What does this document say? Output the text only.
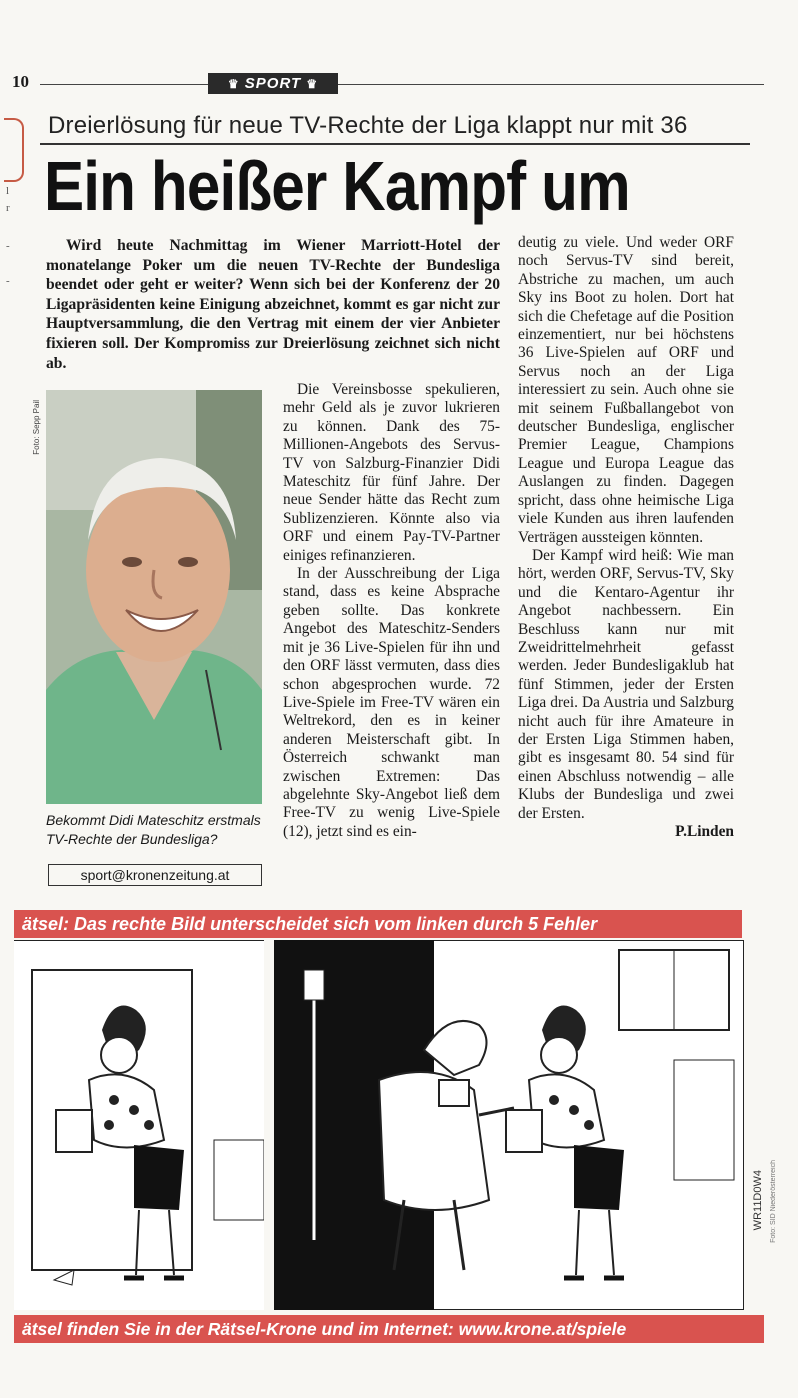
10	♛ SPORT ♛
l
r
-
-
Dreierlösung für neue TV-Rechte der Liga klappt nur mit 36
Ein heißer Kampf um
Wird heute Nachmittag im Wiener Marriott-Hotel der monatelange Poker um die neuen TV-Rechte der Bundesliga beendet oder geht er weiter? Wenn sich bei der Konferenz der 20 Ligapräsidenten keine Einigung abzeichnet, kommt es gar nicht zur Hauptversammlung, die den Vertrag mit einem der vier Anbieter fixieren soll. Der Kompromiss zur Dreierlösung zeichnet sich nicht ab.
Foto: Sepp Pail
Bekommt Didi Mateschitz erstmals TV-Rechte der Bundesliga?
sport@kronenzeitung.at

Die Vereinsbosse spekulieren, mehr Geld als je zuvor lukrieren zu können. Dank des 75-Millionen-Angebots des Servus-TV von Salzburg-Finanzier Didi Mateschitz für fünf Jahre. Der neue Sender hätte das Recht zum Sublizenzieren. Könnte also via ORF und einem Pay-TV-Partner einiges refinanzieren.

In der Ausschreibung der Liga stand, dass es keine Absprache geben sollte. Das konkrete Angebot des Mateschitz-Senders mit je 36 Live-Spielen für ihn und den ORF lässt vermuten, dass dies schon abgesprochen wurde. 72 Live-Spiele im Free-TV wären ein Weltrekord, den es in keiner anderen Meisterschaft gibt. In Österreich schwankt man zwischen Extremen: Das abgelehnte Sky-Angebot ließ dem Free-TV zu wenig Live-Spiele (12), jetzt sind es ein-

deutig zu viele. Und weder ORF noch Servus-TV sind bereit, Abstriche zu machen, um auch Sky ins Boot zu holen. Dort hat sich die Chefetage auf die Position einzementiert, nur bei höchstens 36 Live-Spielen auf ORF und Servus noch an der Liga interessiert zu sein. Auch ohne sie mit seinem Fußballangebot von deutscher Bundesliga, englischer Premier League, Champions League und Europa League das Auslangen zu finden. Dagegen spricht, dass ohne heimische Liga viele Kunden aus ihren laufenden Verträgen aussteigen könnten.

Der Kampf wird heiß: Wie man hört, werden ORF, Servus-TV, Sky und die Kentaro-Agentur ihr Angebot nachbessern. Ein Beschluss kann nur mit Zweidrittelmehrheit gefasst werden. Jeder Bundesligaklub hat fünf Stimmen, jeder der Ersten Liga drei. Da Austria und Salzburg nicht auch für ihre Amateure in der Ersten Liga Stimmen haben, gibt es insgesamt 80. 54 sind für einen Abschluss notwendig – alle Klubs der Bundesliga und zwei der Ersten.

P.Linden
ätsel: Das rechte Bild unterscheidet sich vom linken durch 5 Fehler
WR11D0W4 Foto: SID Niederösterreich
ätsel finden Sie in der Rätsel-Krone und im Internet: www.krone.at/spiele
